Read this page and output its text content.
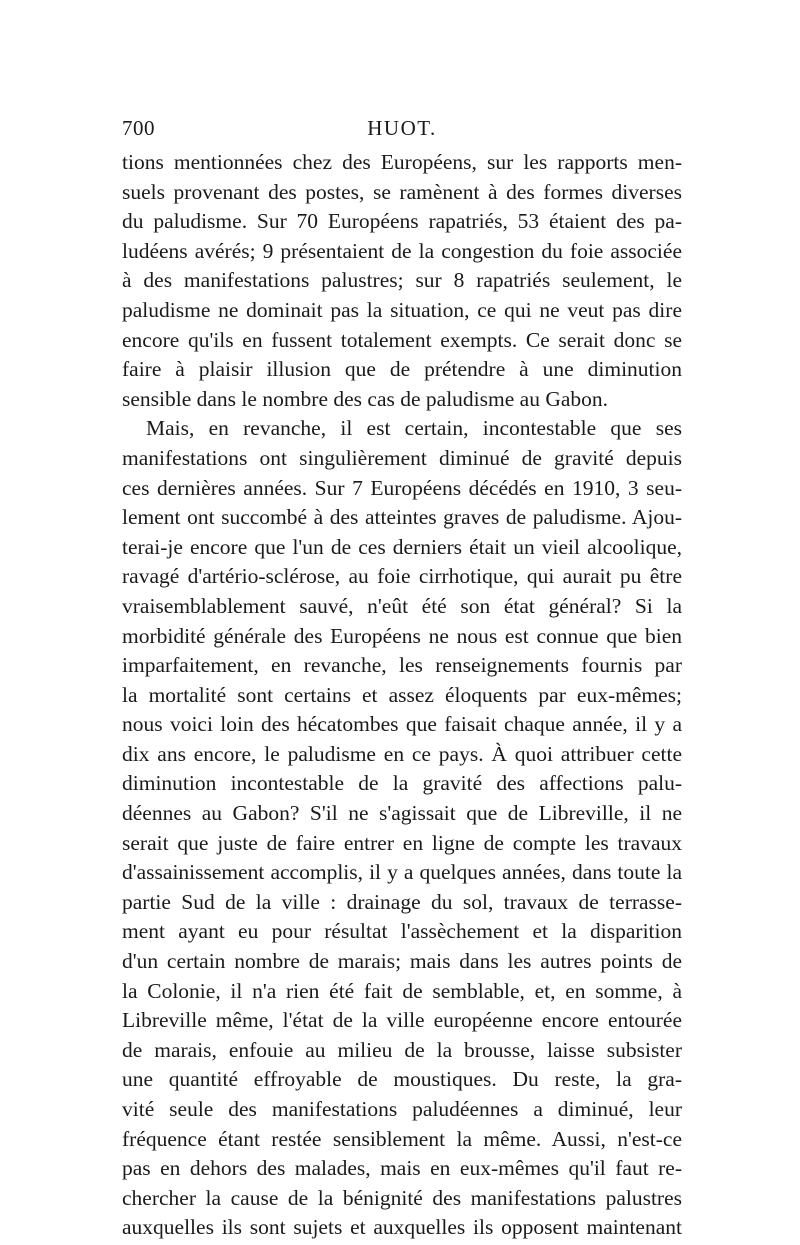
700	HUOT.
tions mentionnées chez des Européens, sur les rapports men-
suels provenant des postes, se ramènent à des formes diverses
du paludisme. Sur 70 Européens rapatriés, 53 étaient des pa-
ludéens avérés; 9 présentaient de la congestion du foie associée
à des manifestations palustres; sur 8 rapatriés seulement, le
paludisme ne dominait pas la situation, ce qui ne veut pas dire
encore qu'ils en fussent totalement exempts. Ce serait donc se
faire à plaisir illusion que de prétendre à une diminution
sensible dans le nombre des cas de paludisme au Gabon.
Mais, en revanche, il est certain, incontestable que ses
manifestations ont singulièrement diminué de gravité depuis
ces dernières années. Sur 7 Européens décédés en 1910, 3 seu-
lement ont succombé à des atteintes graves de paludisme. Ajou-
terai-je encore que l'un de ces derniers était un vieil alcoolique,
ravagé d'artério-sclérose, au foie cirrhotique, qui aurait pu être
vraisemblablement sauvé, n'eût été son état général? Si la
morbidité générale des Européens ne nous est connue que bien
imparfaitement, en revanche, les renseignements fournis par
la mortalité sont certains et assez éloquents par eux-mêmes;
nous voici loin des hécatombes que faisait chaque année, il y a
dix ans encore, le paludisme en ce pays. À quoi attribuer cette
diminution incontestable de la gravité des affections palu-
déennes au Gabon? S'il ne s'agissait que de Libreville, il ne
serait que juste de faire entrer en ligne de compte les travaux
d'assainissement accomplis, il y a quelques années, dans toute la
partie Sud de la ville : drainage du sol, travaux de terrasse-
ment ayant eu pour résultat l'assèchement et la disparition
d'un certain nombre de marais; mais dans les autres points de
la Colonie, il n'a rien été fait de semblable, et, en somme, à
Libreville même, l'état de la ville européenne encore entourée
de marais, enfouie au milieu de la brousse, laisse subsister
une quantité effroyable de moustiques. Du reste, la gra-
vité seule des manifestations paludéennes a diminué, leur
fréquence étant restée sensiblement la même. Aussi, n'est-ce
pas en dehors des malades, mais en eux-mêmes qu'il faut re-
chercher la cause de la bénignité des manifestations palustres
auxquelles ils sont sujets et auxquelles ils opposent maintenant
